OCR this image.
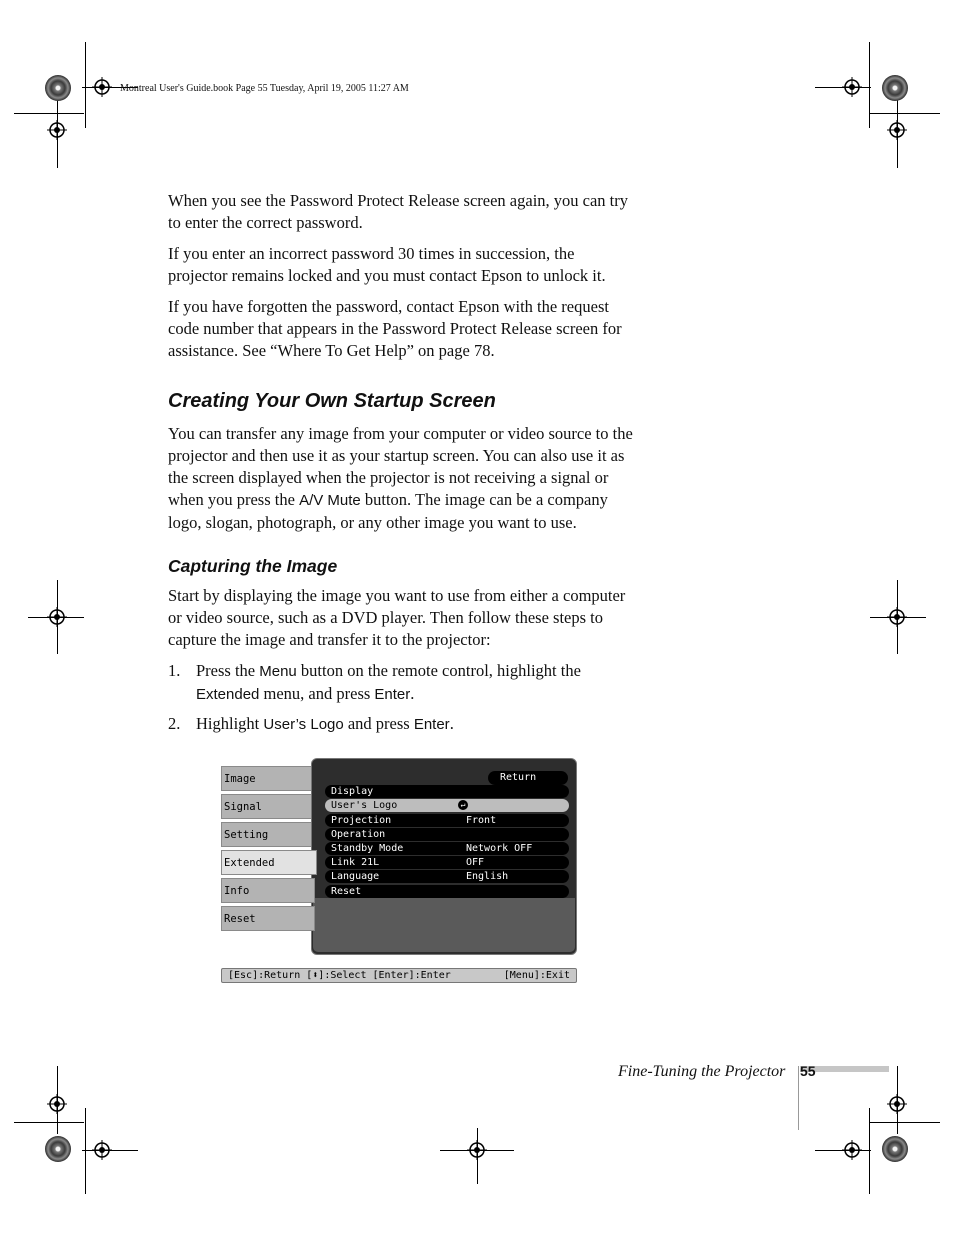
Montreal User's Guide.book Page 55 Tuesday, April 19, 2005 11:27 AM

When you see the Password Protect Release screen again, you can try to enter the correct password.

If you enter an incorrect password 30 times in succession, the projector remains locked and you must contact Epson to unlock it.

If you have forgotten the password, contact Epson with the request code number that appears in the Password Protect Release screen for assistance. See “Where To Get Help” on page 78.

Creating Your Own Startup Screen

You can transfer any image from your computer or video source to the projector and then use it as your startup screen. You can also use it as the screen displayed when the projector is not receiving a signal or when you press the A/V Mute button. The image can be a company logo, slogan, photograph, or any other image you want to use.

Capturing the Image

Start by displaying the image you want to use from either a computer or video source, such as a DVD player. Then follow these steps to capture the image and transfer it to the projector:

1. Press the Menu button on the remote control, highlight the Extended menu, and press Enter.
2. Highlight User’s Logo and press Enter.
Image
Signal
Setting
Extended
Info
Reset
Return
Display
User's Logo	↵
Projection	Front
Operation
Standby Mode	Network OFF
Link 21L	OFF
Language	English
Reset
[Esc]:Return [⬍]:Select [Enter]:Enter	[Menu]:Exit
Fine-Tuning the Projector 55
